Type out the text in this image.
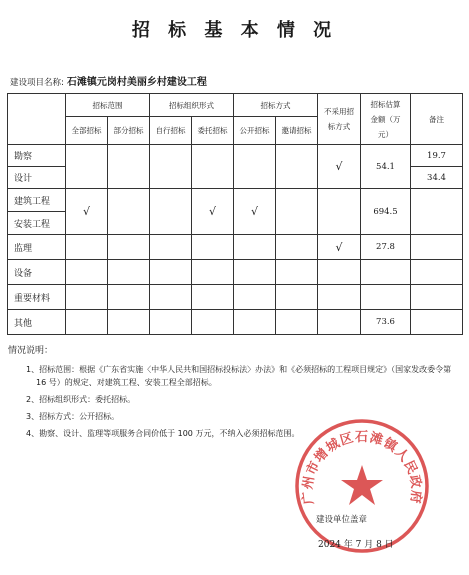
招 标 基 本 情 况
建设项目名称: 石滩镇元岗村美丽乡村建设工程
	招标范围		招标组织形式		招标方式		不采用招标方式	招标估算金额（万元）	备注
	全部招标	部分招标	自行招标	委托招标	公开招标	邀请招标			
勘察							√	54.1	19.7
设计									34.4
建筑工程	√			√	√			694.5	
安装工程									
监理							√	27.8	
设备									
重要材料									
其他								73.6	
情况说明：
1、招标范围：根据《广东省实施〈中华人民共和国招标投标法〉办法》和《必须招标的工程项目规定》（国家发改委令第 16 号）的规定、对建筑工程、安装工程全部招标。
2、招标组织形式：委托招标。
3、招标方式：公开招标。
4、勘察、设计、监理等项服务合同价低于 100 万元，不纳入必须招标范围。
广州市增城区石滩镇人民政府
建设单位盖章
2024 年 7 月 8 日
